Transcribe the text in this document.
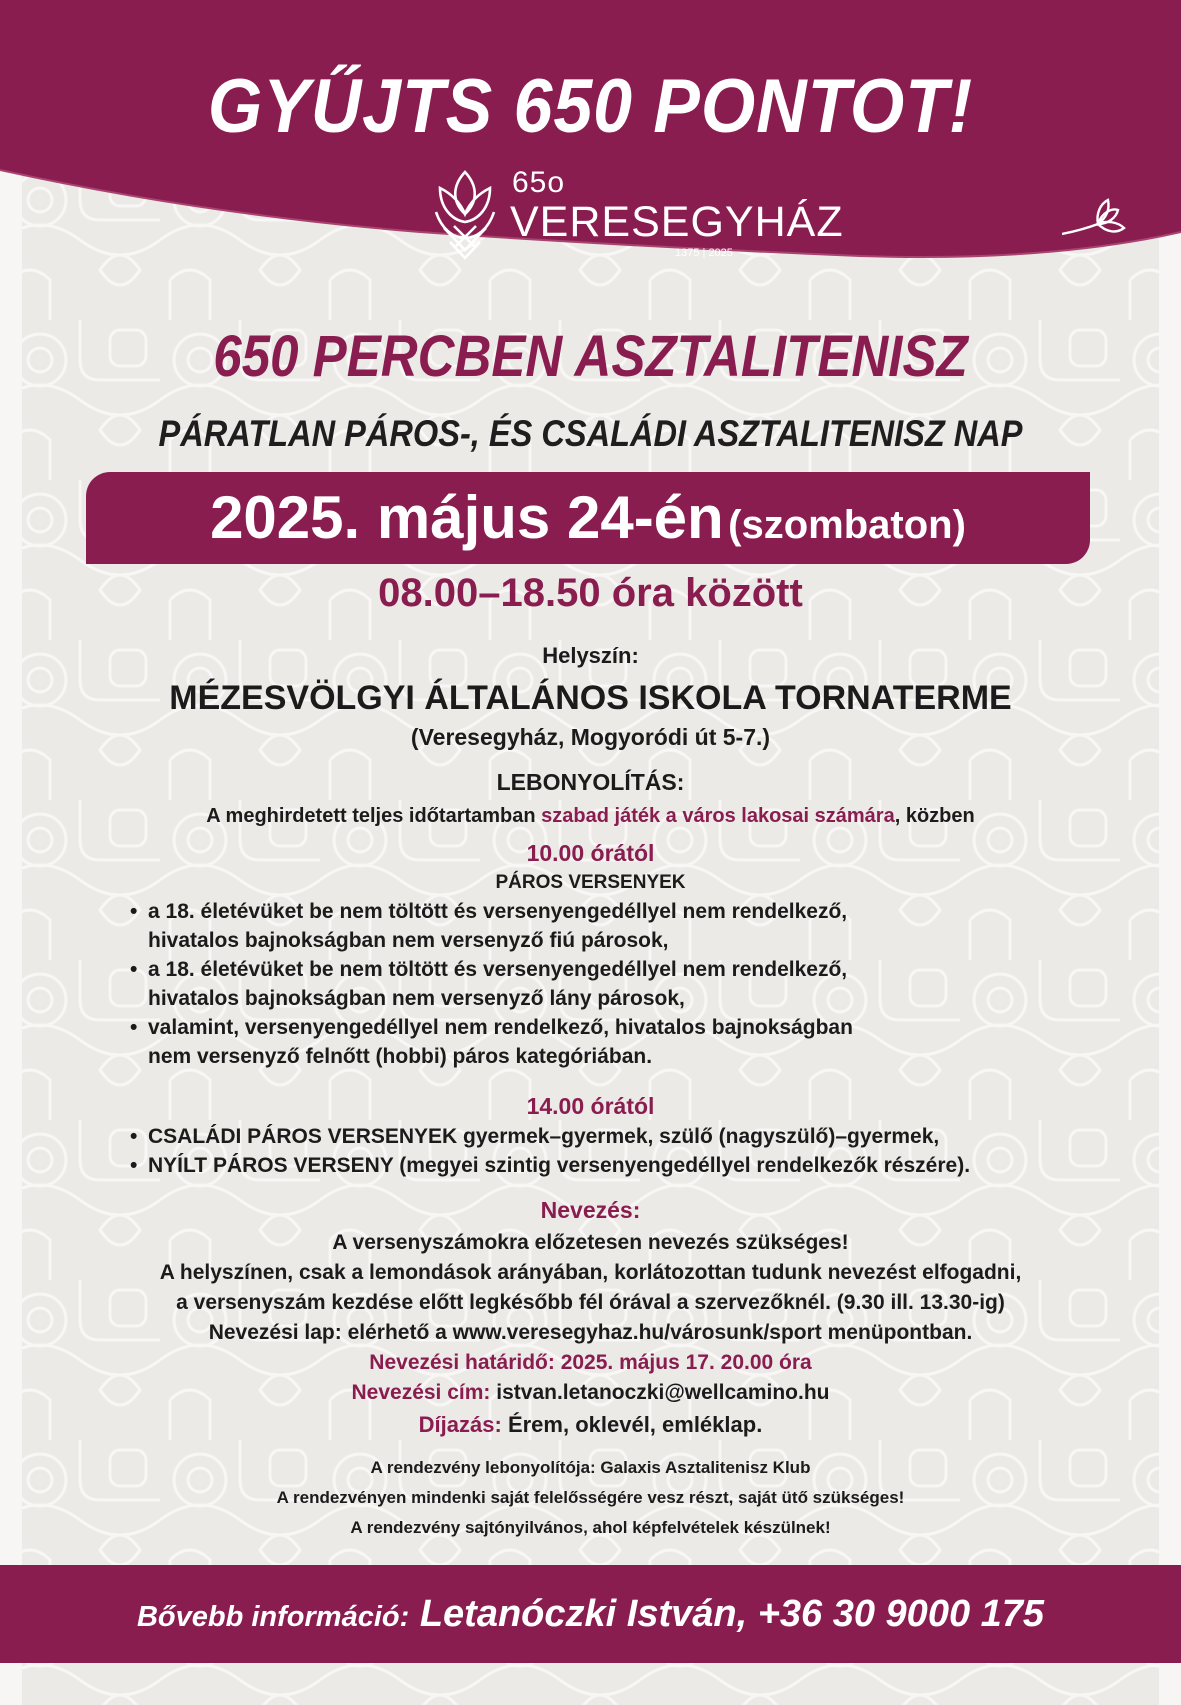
GYŰJTS 650 PONTOT!
65o
VERESEGYHÁZ
1375 | 2025
650 PERCBEN ASZTALITENISZ
PÁRATLAN PÁROS-, ÉS CSALÁDI ASZTALITENISZ NAP
2025. május 24-én (szombaton)
08.00–18.50 óra között
Helyszín:
MÉZESVÖLGYI ÁLTALÁNOS ISKOLA TORNATERME
(Veresegyház, Mogyoródi út 5-7.)
LEBONYOLÍTÁS:
A meghirdetett teljes időtartamban szabad játék a város lakosai számára, közben
10.00 órától
PÁROS VERSENYEK
• a 18. életévüket be nem töltött és versenyengedéllyel nem rendelkező,
hivatalos bajnokságban nem versenyző fiú párosok,
• a 18. életévüket be nem töltött és versenyengedéllyel nem rendelkező,
hivatalos bajnokságban nem versenyző lány párosok,
• valamint, versenyengedéllyel nem rendelkező, hivatalos bajnokságban
nem versenyző felnőtt (hobbi) páros kategóriában.
14.00 órától
• CSALÁDI PÁROS VERSENYEK gyermek–gyermek, szülő (nagyszülő)–gyermek,
• NYÍLT PÁROS VERSENY (megyei szintig versenyengedéllyel rendelkezők részére).
Nevezés:
A versenyszámokra előzetesen nevezés szükséges!
A helyszínen, csak a lemondások arányában, korlátozottan tudunk nevezést elfogadni,
a versenyszám kezdése előtt legkésőbb fél órával a szervezőknél. (9.30 ill. 13.30-ig)
Nevezési lap: elérhető a www.veresegyhaz.hu/városunk/sport menüpontban.
Nevezési határidő: 2025. május 17. 20.00 óra
Nevezési cím: istvan.letanoczki@wellcamino.hu
Díjazás: Érem, oklevél, emléklap.
A rendezvény lebonyolítója: Galaxis Asztalitenisz Klub
A rendezvényen mindenki saját felelősségére vesz részt, saját ütő szükséges!
A rendezvény sajtónyilvános, ahol képfelvételek készülnek!
Bővebb információ: Letanóczki István, +36 30 9000 175
